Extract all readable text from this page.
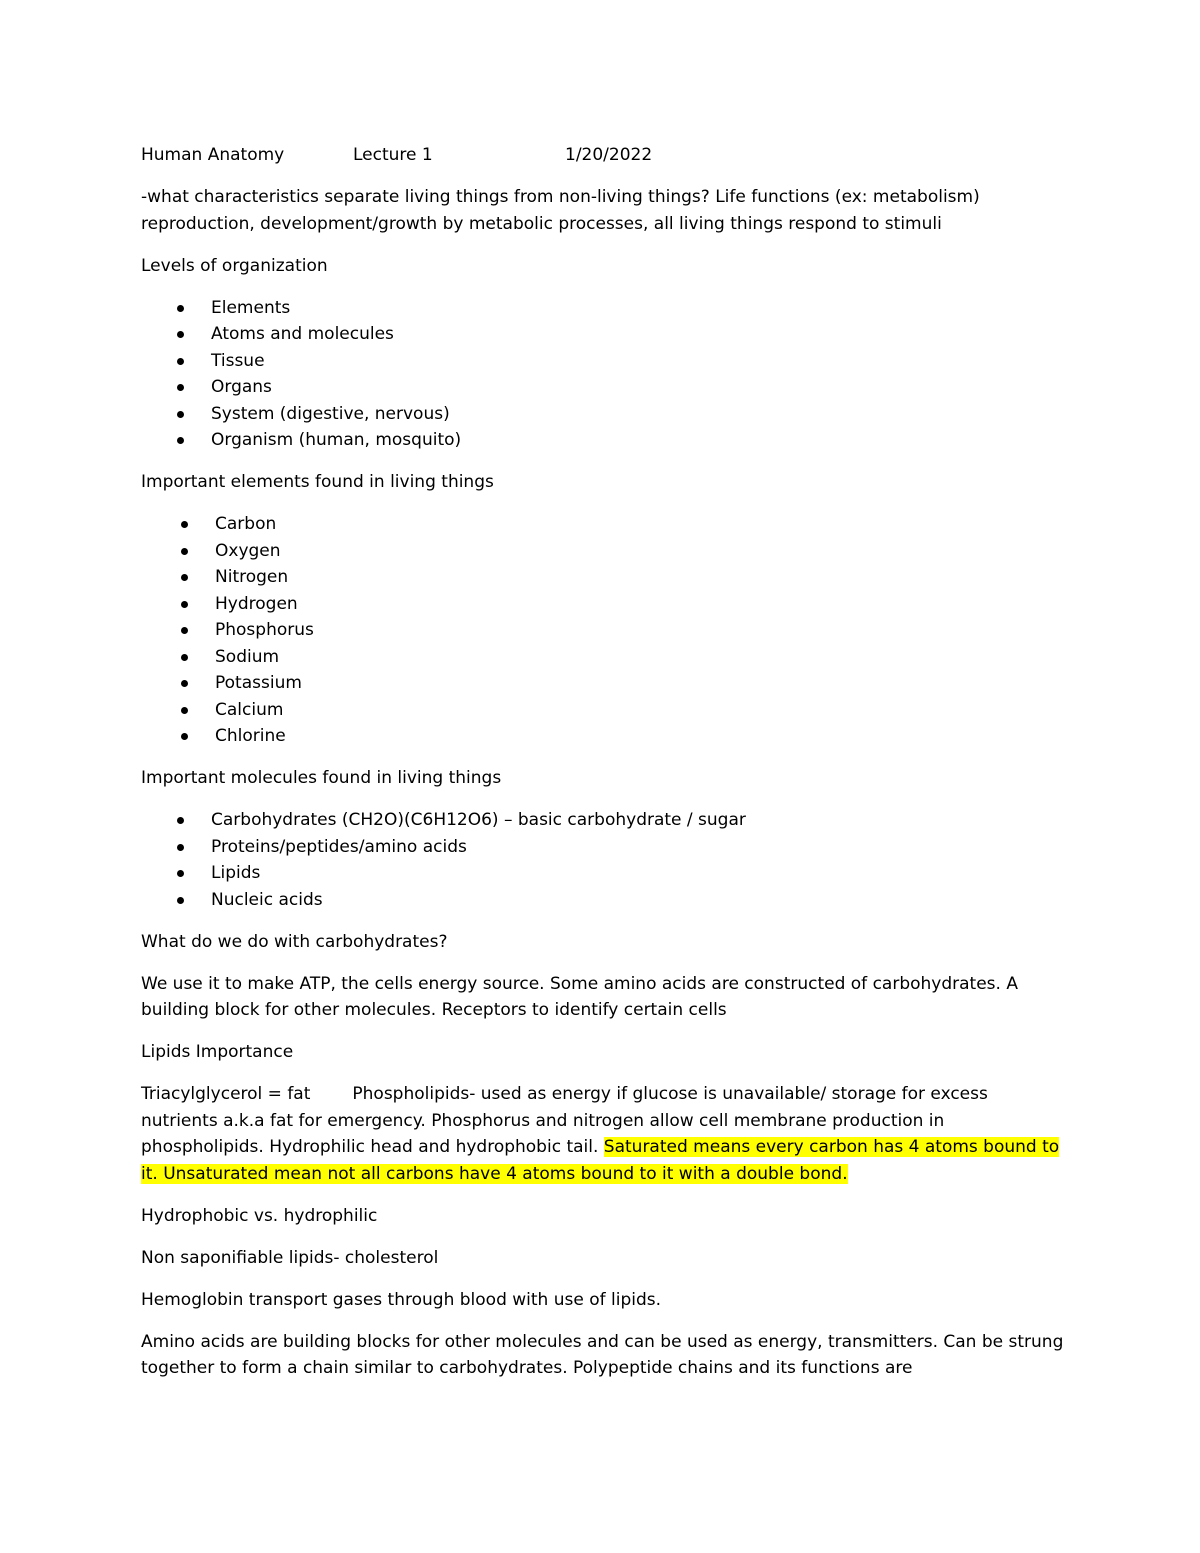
Human Anatomy	Lecture 1	1/20/2022

-what characteristics separate living things from non-living things? Life functions (ex: metabolism) reproduction, development/growth by metabolic processes, all living things respond to stimuli

Levels of organization

Elements
Atoms and molecules
Tissue
Organs
System (digestive, nervous)
Organism (human, mosquito)

Important elements found in living things

Carbon
Oxygen
Nitrogen
Hydrogen
Phosphorus
Sodium
Potassium
Calcium
Chlorine

Important molecules found in living things

Carbohydrates (CH2O)(C6H12O6) – basic carbohydrate / sugar
Proteins/peptides/amino acids
Lipids
Nucleic acids

What do we do with carbohydrates?

We use it to make ATP, the cells energy source. Some amino acids are constructed of carbohydrates. A building block for other molecules. Receptors to identify certain cells

Lipids Importance

Triacylglycerol = fat Phospholipids- used as energy if glucose is unavailable/ storage for excess nutrients a.k.a fat for emergency. Phosphorus and nitrogen allow cell membrane production in phospholipids. Hydrophilic head and hydrophobic tail. Saturated means every carbon has 4 atoms bound to it. Unsaturated mean not all carbons have 4 atoms bound to it with a double bond.

Hydrophobic vs. hydrophilic

Non saponifiable lipids- cholesterol

Hemoglobin transport gases through blood with use of lipids.

Amino acids are building blocks for other molecules and can be used as energy, transmitters. Can be strung together to form a chain similar to carbohydrates. Polypeptide chains and its functions are
